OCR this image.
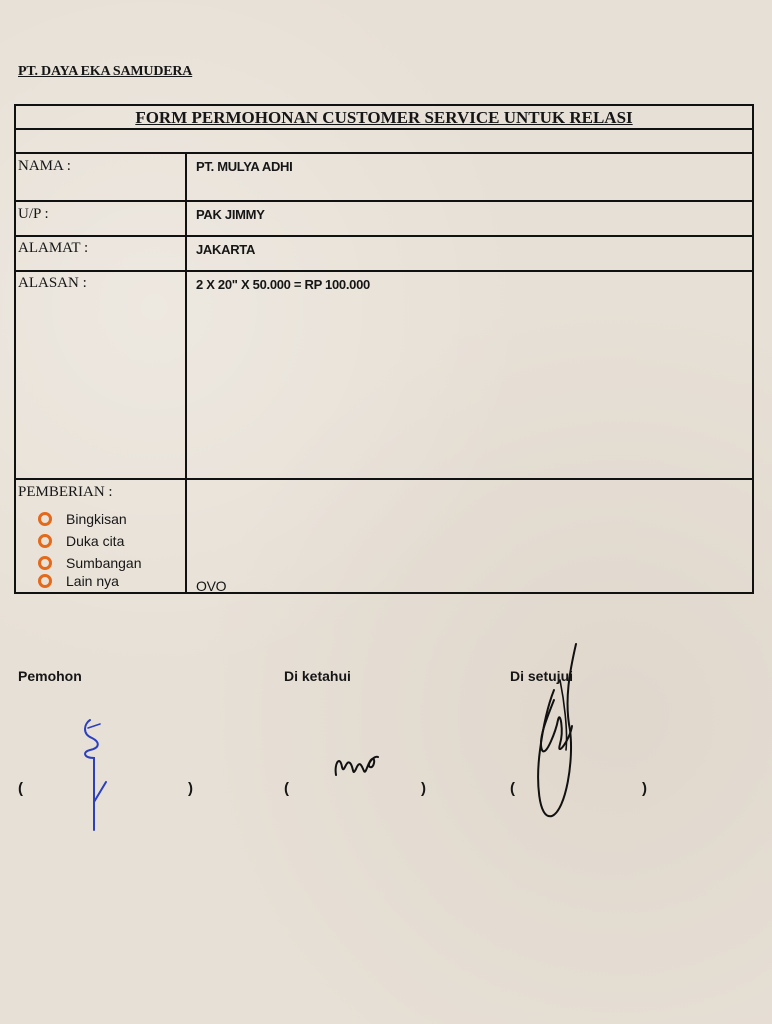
PT. DAYA EKA SAMUDERA
FORM PERMOHONAN CUSTOMER SERVICE UNTUK RELASI
NAMA :	PT. MULYA ADHI
U/P :	PAK JIMMY
ALAMAT :	JAKARTA
ALASAN :	2 X 20" X 50.000 = RP 100.000
PEMBERIAN :
Bingkisan
Duka cita
Sumbangan
Lain nya	OVO
Pemohon	Di ketahui	Di setujui
(	)	(	)	(	)
